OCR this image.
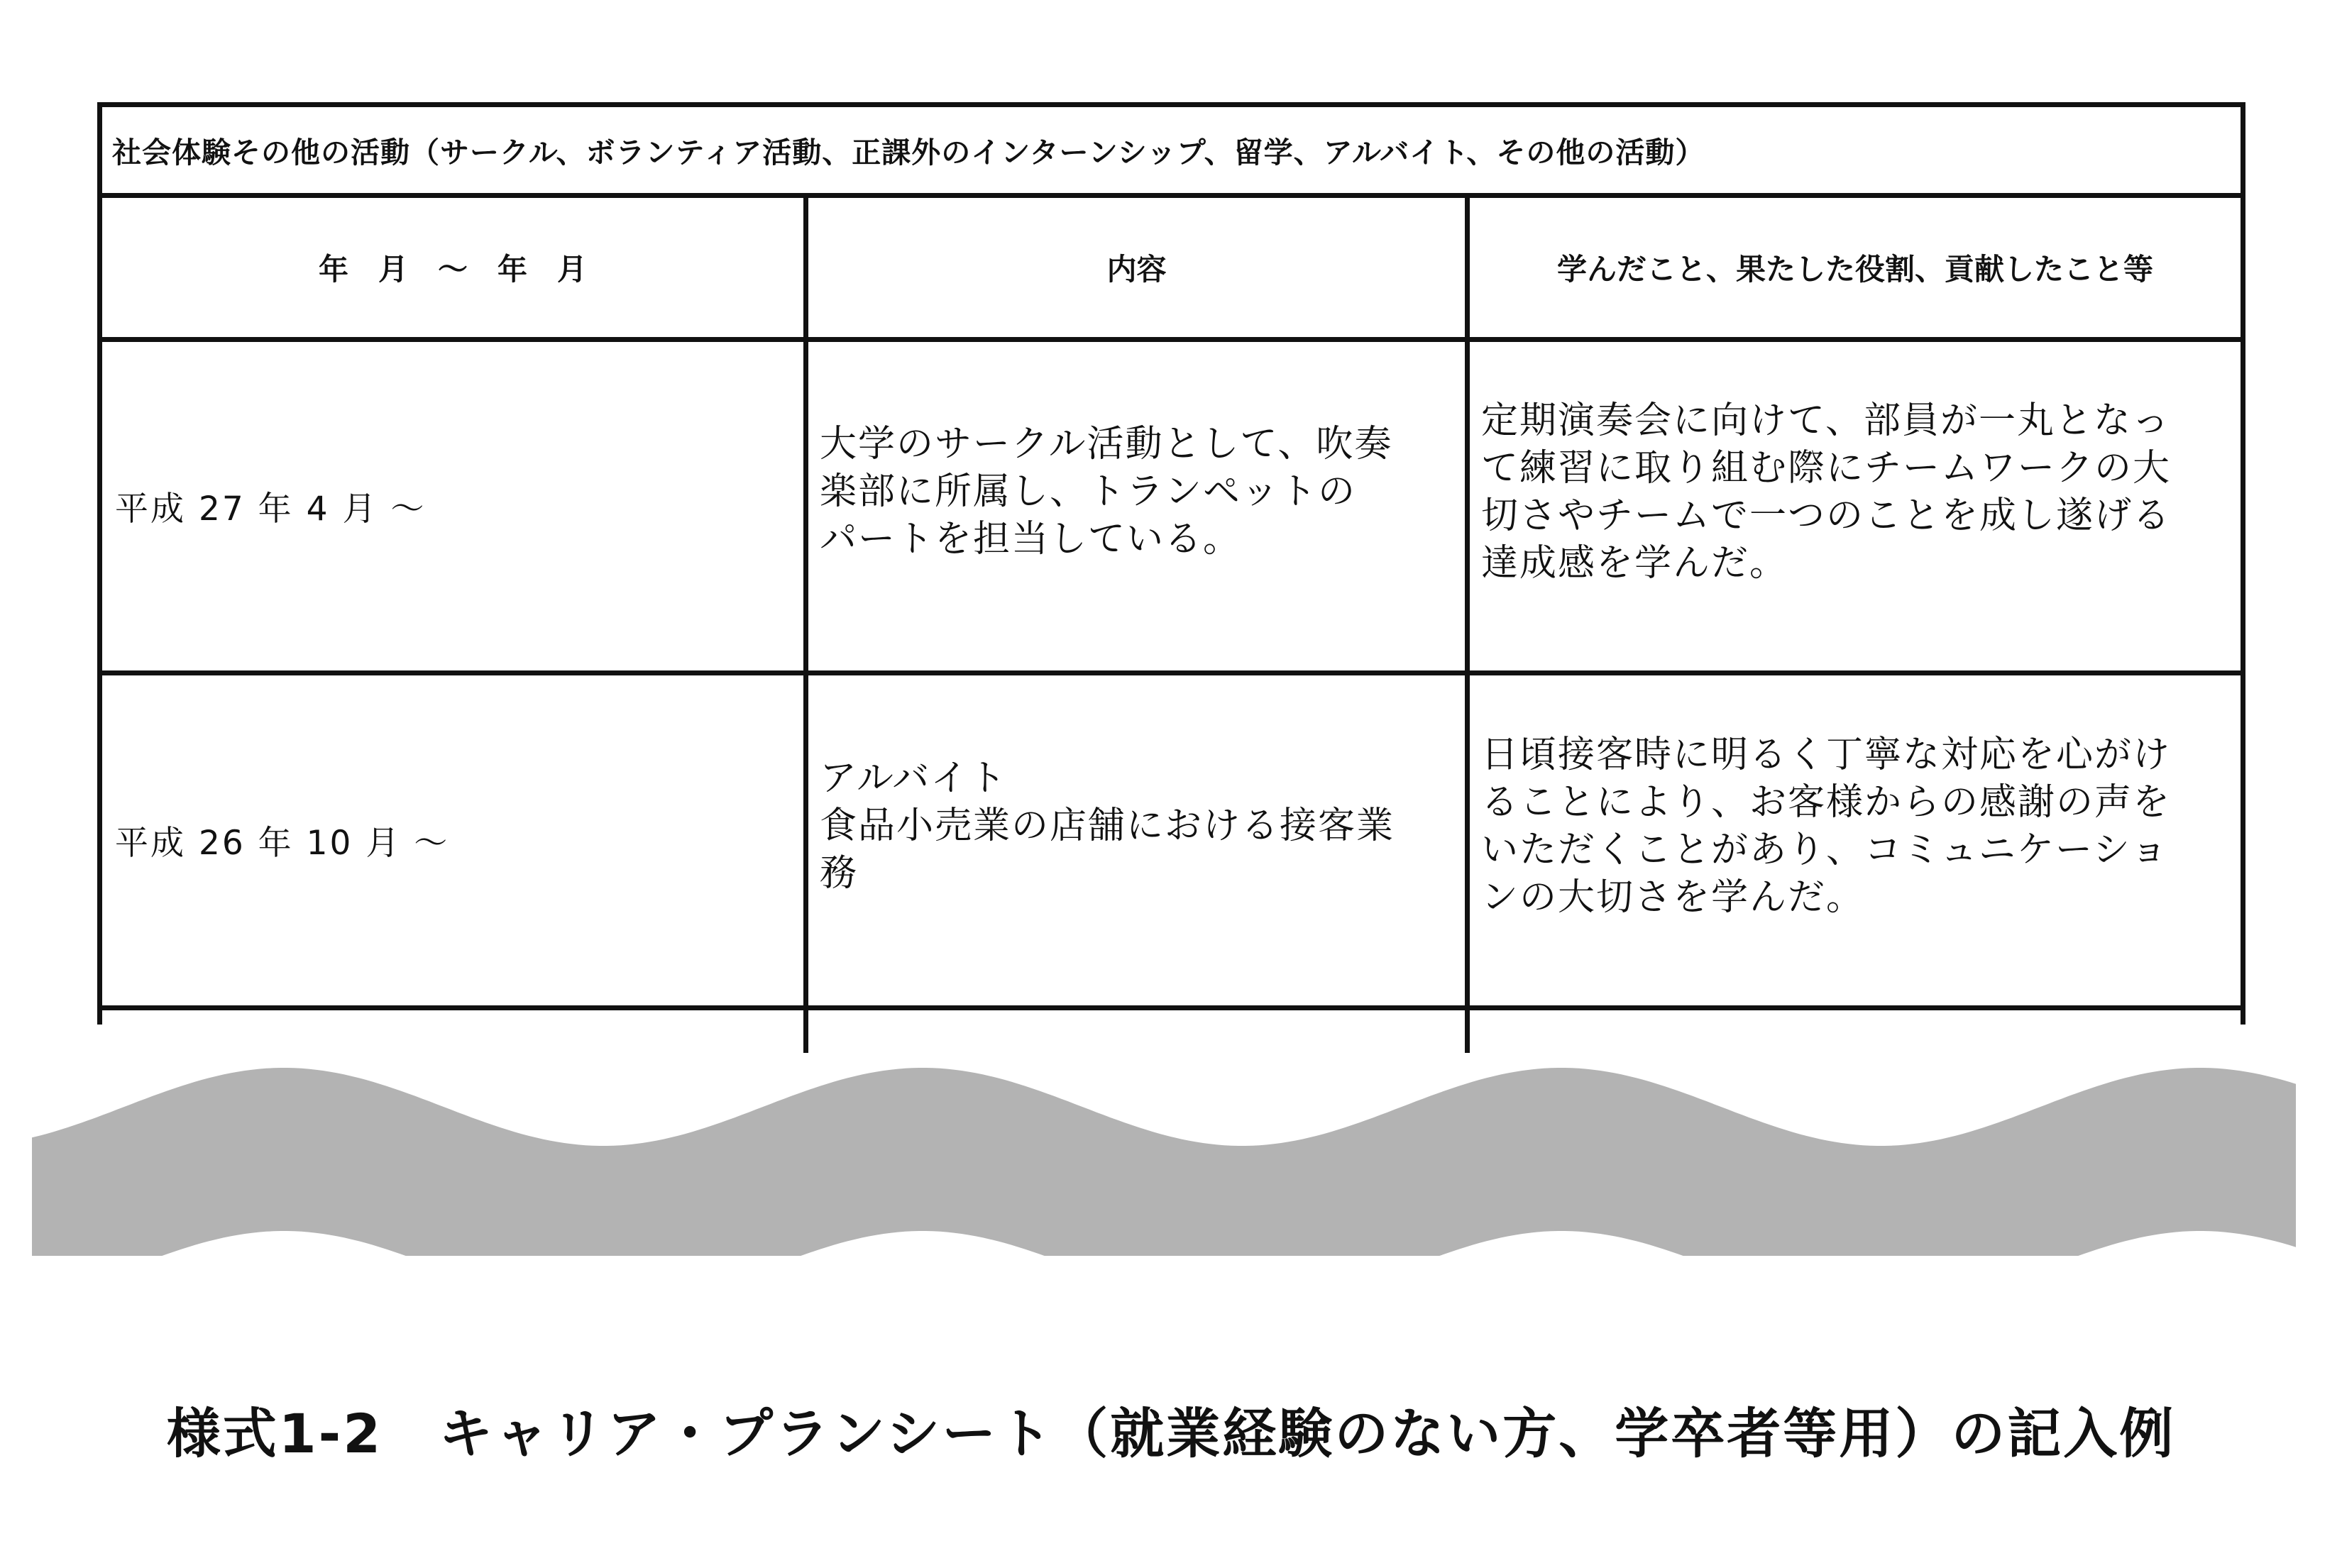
社会体験その他の活動（サークル、ボランティア活動、正課外のインターンシップ、留学、アルバイト、その他の活動）
年　月　～　年　月	内容	学んだこと、果たした役割、貢献したこと等
平成 27 年 4 月 ～
大学のサークル活動として、吹奏
楽部に所属し、トランペットの
パートを担当している。
定期演奏会に向けて、部員が一丸となっ
て練習に取り組む際にチームワークの大
切さやチームで一つのことを成し遂げる
達成感を学んだ。
平成 26 年 10 月 ～
アルバイト
食品小売業の店舗における接客業
務
日頃接客時に明るく丁寧な対応を心がけ
ることにより、お客様からの感謝の声を
いただくことがあり、コミュニケーショ
ンの大切さを学んだ。
様式1-2　キャリア・プランシート（就業経験のない方、学卒者等用）の記入例
